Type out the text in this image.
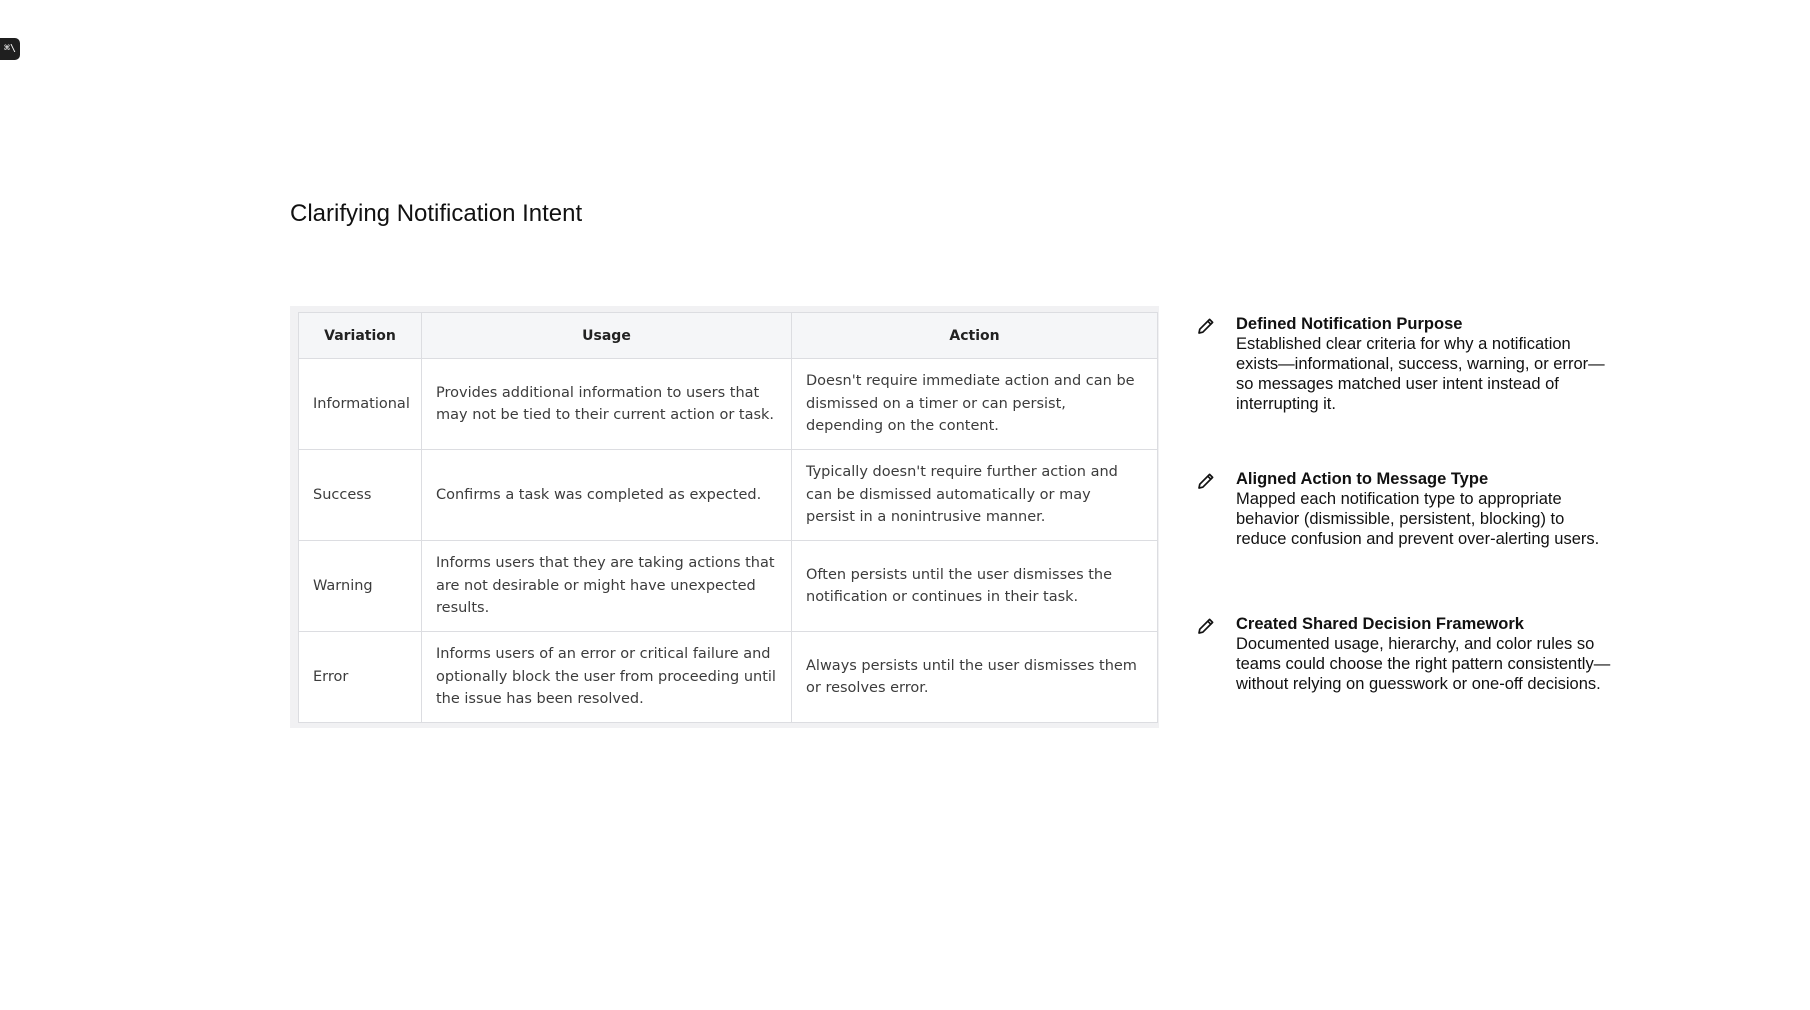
⌘\
Clarifying Notification Intent
Variation	Usage	Action
Informational	Provides additional information to users that may not be tied to their current action or task.	Doesn't require immediate action and can be dismissed on a timer or can persist, depending on the content.
Success	Confirms a task was completed as expected.	Typically doesn't require further action and can be dismissed automatically or may persist in a nonintrusive manner.
Warning	Informs users that they are taking actions that are not desirable or might have unexpected results.	Often persists until the user dismisses the notification or continues in their task.
Error	Informs users of an error or critical failure and optionally block the user from proceeding until the issue has been resolved.	Always persists until the user dismisses them or resolves error.
Defined Notification Purpose
Established clear criteria for why a notification exists—informational, success, warning, or error—so messages matched user intent instead of interrupting it.
Aligned Action to Message Type
Mapped each notification type to appropriate behavior (dismissible, persistent, blocking) to reduce confusion and prevent over-alerting users.
Created Shared Decision Framework
Documented usage, hierarchy, and color rules so teams could choose the right pattern consistently—without relying on guesswork or one-off decisions.
